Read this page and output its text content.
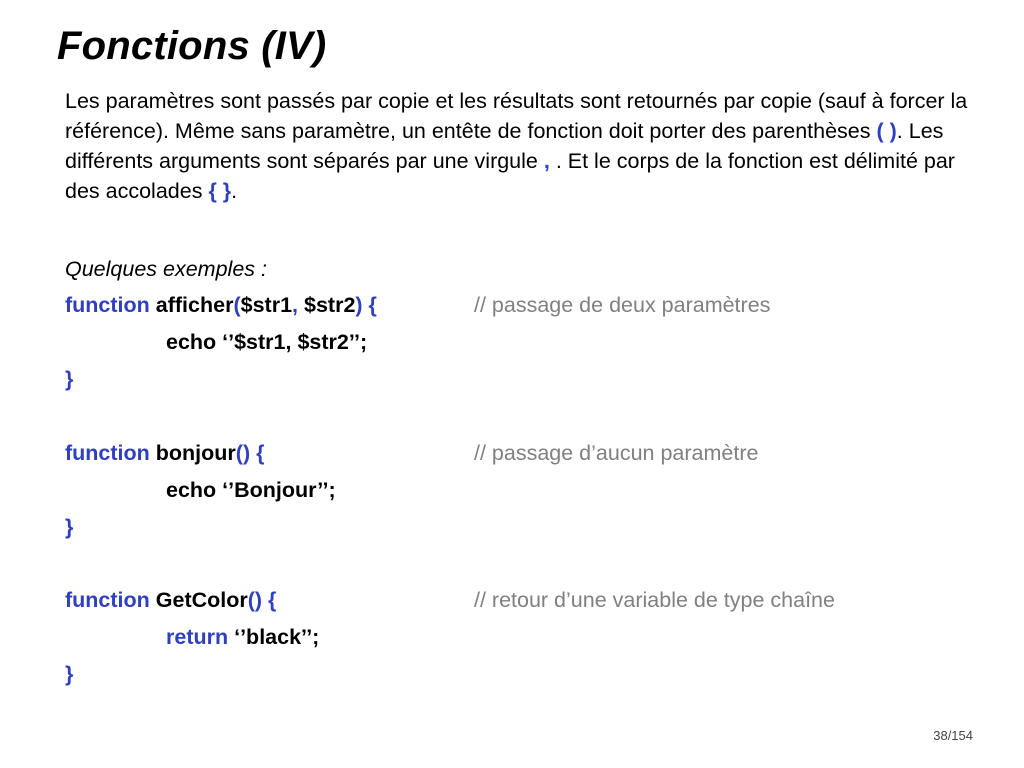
Fonctions (IV)

Les paramètres sont passés par copie et les résultats sont retournés par copie (sauf à forcer la référence). Même sans paramètre, un entête de fonction doit porter des parenthèses ( ). Les différents arguments sont séparés par une virgule , . Et le corps de la fonction est délimité par des accolades { }.

Quelques exemples :

function afficher($str1, $str2) {	// passage de deux paramètres

echo ‘’$str1, $str2’’;

}

function bonjour() {	// passage d’aucun paramètre

echo ‘’Bonjour’’;

}

function GetColor() {	// retour d’une variable de type chaîne

return ‘’black’’;

}

38/154
